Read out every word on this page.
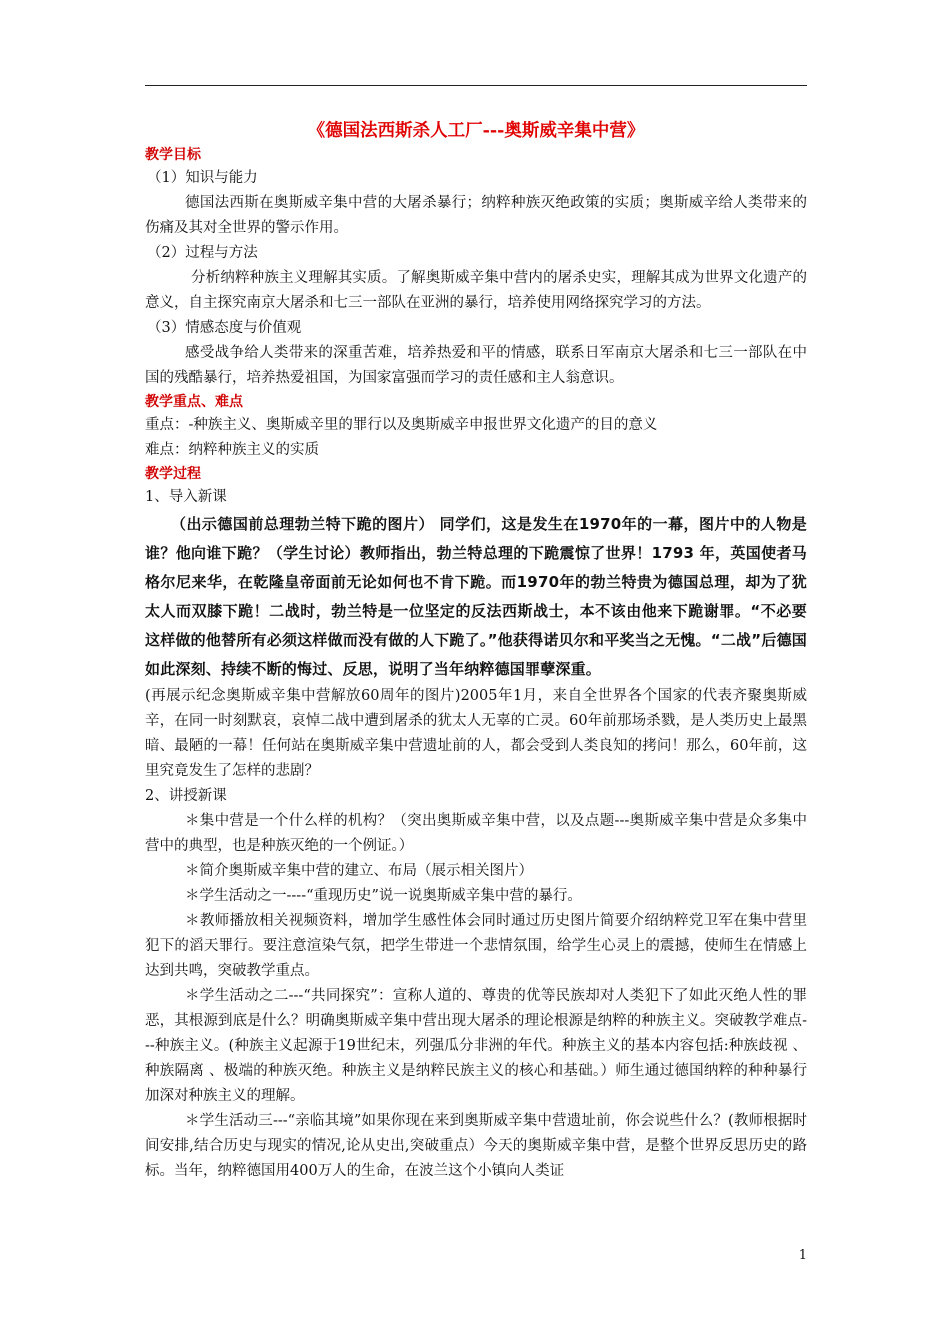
《德国法西斯杀人工厂---奥斯威辛集中营》
教学目标
（1）知识与能力
德国法西斯在奥斯威辛集中营的大屠杀暴行；纳粹种族灭绝政策的实质；奥斯威辛给人类带来的伤痛及其对全世界的警示作用。
（2）过程与方法
分析纳粹种族主义理解其实质。了解奥斯威辛集中营内的屠杀史实，理解其成为世界文化遗产的意义，自主探究南京大屠杀和七三一部队在亚洲的暴行，培养使用网络探究学习的方法。
（3）情感态度与价值观
感受战争给人类带来的深重苦难，培养热爱和平的情感，联系日军南京大屠杀和七三一部队在中国的残酷暴行，培养热爱祖国，为国家富强而学习的责任感和主人翁意识。
教学重点、难点
重点：-种族主义、奥斯威辛里的罪行以及奥斯威辛申报世界文化遗产的目的意义
难点：纳粹种族主义的实质
教学过程
1、导入新课
（出示德国前总理勃兰特下跪的图片） 同学们，这是发生在1970年的一幕，图片中的人物是谁？他向谁下跪？（学生讨论）教师指出，勃兰特总理的下跪震惊了世界！1793 年，英国使者马格尔尼来华，在乾隆皇帝面前无论如何也不肯下跪。而1970年的勃兰特贵为德国总理，却为了犹太人而双膝下跪！二战时，勃兰特是一位坚定的反法西斯战士，本不该由他来下跪谢罪。“不必要这样做的他替所有必须这样做而没有做的人下跪了。”他获得诺贝尔和平奖当之无愧。“二战”后德国如此深刻、持续不断的悔过、反思，说明了当年纳粹德国罪孽深重。
(再展示纪念奥斯威辛集中营解放60周年的图片)2005年1月，来自全世界各个国家的代表齐聚奥斯威辛，在同一时刻默哀，哀悼二战中遭到屠杀的犹太人无辜的亡灵。60年前那场杀戮，是人类历史上最黑暗、最陋的一幕！任何站在奥斯威辛集中营遗址前的人，都会受到人类良知的拷问！那么，60年前，这里究竟发生了怎样的悲剧？
2、讲授新课
＊集中营是一个什么样的机构？（突出奥斯威辛集中营，以及点题---奥斯威辛集中营是众多集中营中的典型，也是种族灭绝的一个例证。）
＊简介奥斯威辛集中营的建立、布局（展示相关图片）
＊学生活动之一----“重现历史”说一说奥斯威辛集中营的暴行。
＊教师播放相关视频资料，增加学生感性体会同时通过历史图片简要介绍纳粹党卫军在集中营里犯下的滔天罪行。要注意渲染气氛，把学生带进一个悲情氛围，给学生心灵上的震撼，使师生在情感上达到共鸣，突破教学重点。
＊学生活动之二---“共同探究”：宣称人道的、尊贵的优等民族却对人类犯下了如此灭绝人性的罪恶，其根源到底是什么？明确奥斯威辛集中营出现大屠杀的理论根源是纳粹的种族主义。突破教学难点---种族主义。(种族主义起源于19世纪末，列强瓜分非洲的年代。种族主义的基本内容包括:种族歧视 、种族隔离 、极端的种族灭绝。种族主义是纳粹民族主义的核心和基础。）师生通过德国纳粹的种种暴行加深对种族主义的理解。
＊学生活动三---“亲临其境”如果你现在来到奥斯威辛集中营遗址前，你会说些什么？(教师根据时间安排,结合历史与现实的情况,论从史出,突破重点）今天的奥斯威辛集中营，是整个世界反思历史的路标。当年，纳粹德国用400万人的生命，在波兰这个小镇向人类证
1
